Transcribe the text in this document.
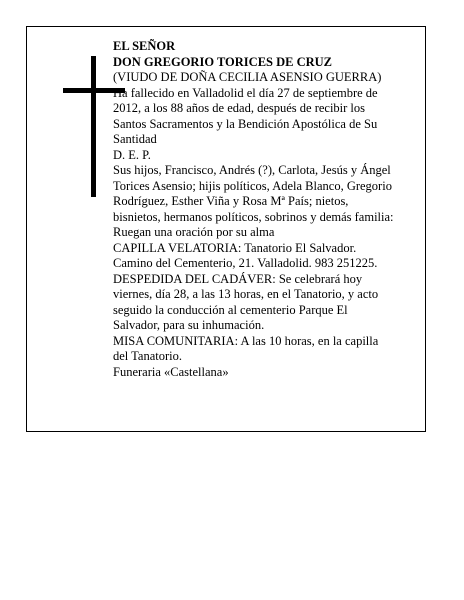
EL SEÑOR
DON GREGORIO TORICES DE CRUZ
(VIUDO DE DOÑA CECILIA ASENSIO GUERRA)
Ha fallecido en Valladolid el día 27 de septiembre de
2012, a los 88 años de edad, después de recibir los
Santos Sacramentos y la Bendición Apostólica de Su
Santidad
D. E. P.
Sus hijos, Francisco, Andrés (?), Carlota, Jesús y Ángel
Torices Asensio; hijis políticos, Adela Blanco, Gregorio
Rodríguez, Esther Viña y Rosa Mª País; nietos,
bisnietos, hermanos políticos, sobrinos y demás familia:
Ruegan una oración por su alma
CAPILLA VELATORIA: Tanatorio El Salvador.
Camino del Cementerio, 21. Valladolid. 983 251225.
DESPEDIDA DEL CADÁVER: Se celebrará hoy
viernes, día 28, a las 13 horas, en el Tanatorio, y acto
seguido la conducción al cementerio Parque El
Salvador, para su inhumación.
MISA COMUNITARIA: A las 10 horas, en la capilla
del Tanatorio.
Funeraria «Castellana»
